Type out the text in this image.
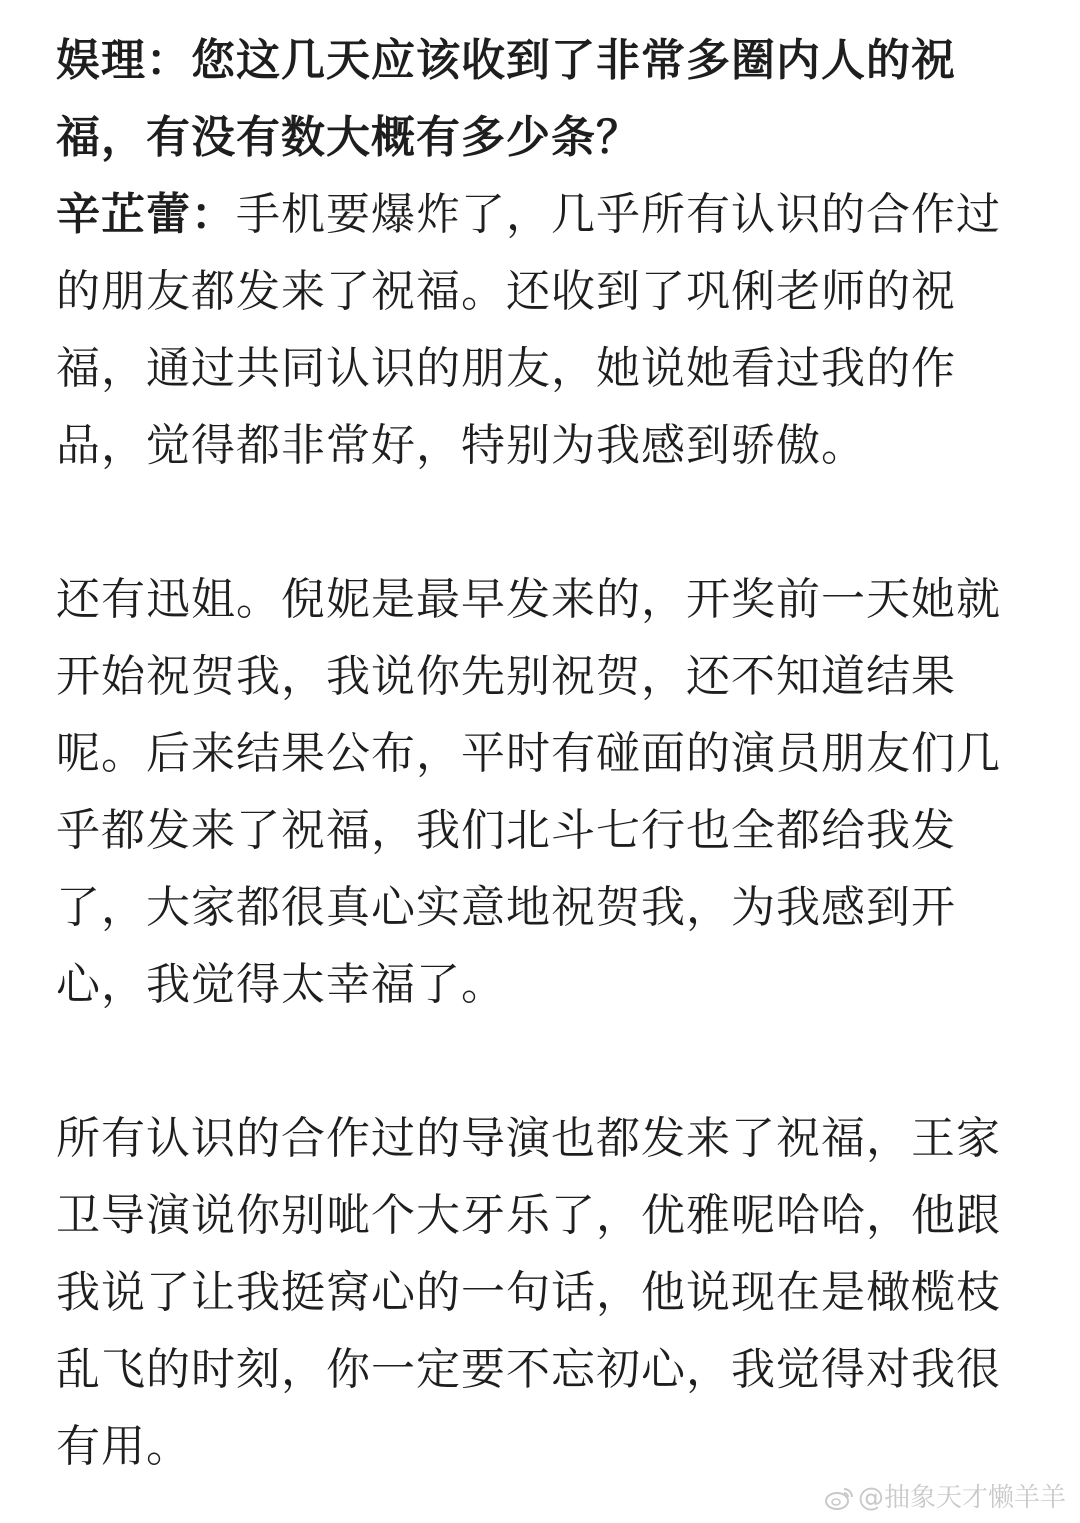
娱理：您这几天应该收到了非常多圈内人的祝福，有没有数大概有多少条？

辛芷蕾：手机要爆炸了，几乎所有认识的合作过的朋友都发来了祝福。还收到了巩俐老师的祝福，通过共同认识的朋友，她说她看过我的作品，觉得都非常好，特别为我感到骄傲。

还有迅姐。倪妮是最早发来的，开奖前一天她就开始祝贺我，我说你先别祝贺，还不知道结果呢。后来结果公布，平时有碰面的演员朋友们几乎都发来了祝福，我们北斗七行也全都给我发了，大家都很真心实意地祝贺我，为我感到开心，我觉得太幸福了。

所有认识的合作过的导演也都发来了祝福，王家卫导演说你别呲个大牙乐了，优雅呢哈哈，他跟我说了让我挺窝心的一句话，他说现在是橄榄枝乱飞的时刻，你一定要不忘初心，我觉得对我很有用。

@抽象天才懒羊羊
